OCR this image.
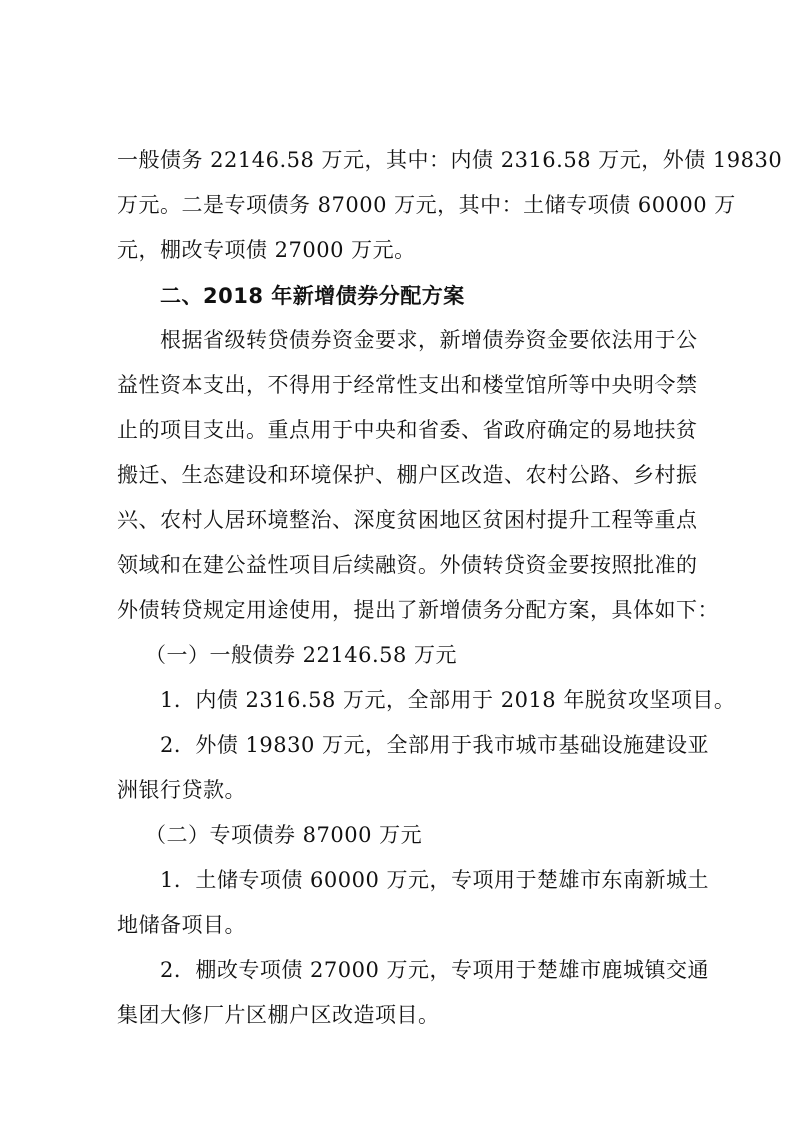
一般债务 22146.58 万元，其中：内债 2316.58 万元，外债 19830
万元。二是专项债务 87000 万元，其中：土储专项债 60000 万
元，棚改专项债 27000 万元。
二、2018 年新增债券分配方案
根据省级转贷债券资金要求，新增债券资金要依法用于公
益性资本支出，不得用于经常性支出和楼堂馆所等中央明令禁
止的项目支出。重点用于中央和省委、省政府确定的易地扶贫
搬迁、生态建设和环境保护、棚户区改造、农村公路、乡村振
兴、农村人居环境整治、深度贫困地区贫困村提升工程等重点
领域和在建公益性项目后续融资。外债转贷资金要按照批准的
外债转贷规定用途使用，提出了新增债务分配方案，具体如下：
（一）一般债券 22146.58 万元
1．内债 2316.58 万元，全部用于 2018 年脱贫攻坚项目。
2．外债 19830 万元，全部用于我市城市基础设施建设亚
洲银行贷款。
（二）专项债券 87000 万元
1．土储专项债 60000 万元，专项用于楚雄市东南新城土
地储备项目。
2．棚改专项债 27000 万元，专项用于楚雄市鹿城镇交通
集团大修厂片区棚户区改造项目。
